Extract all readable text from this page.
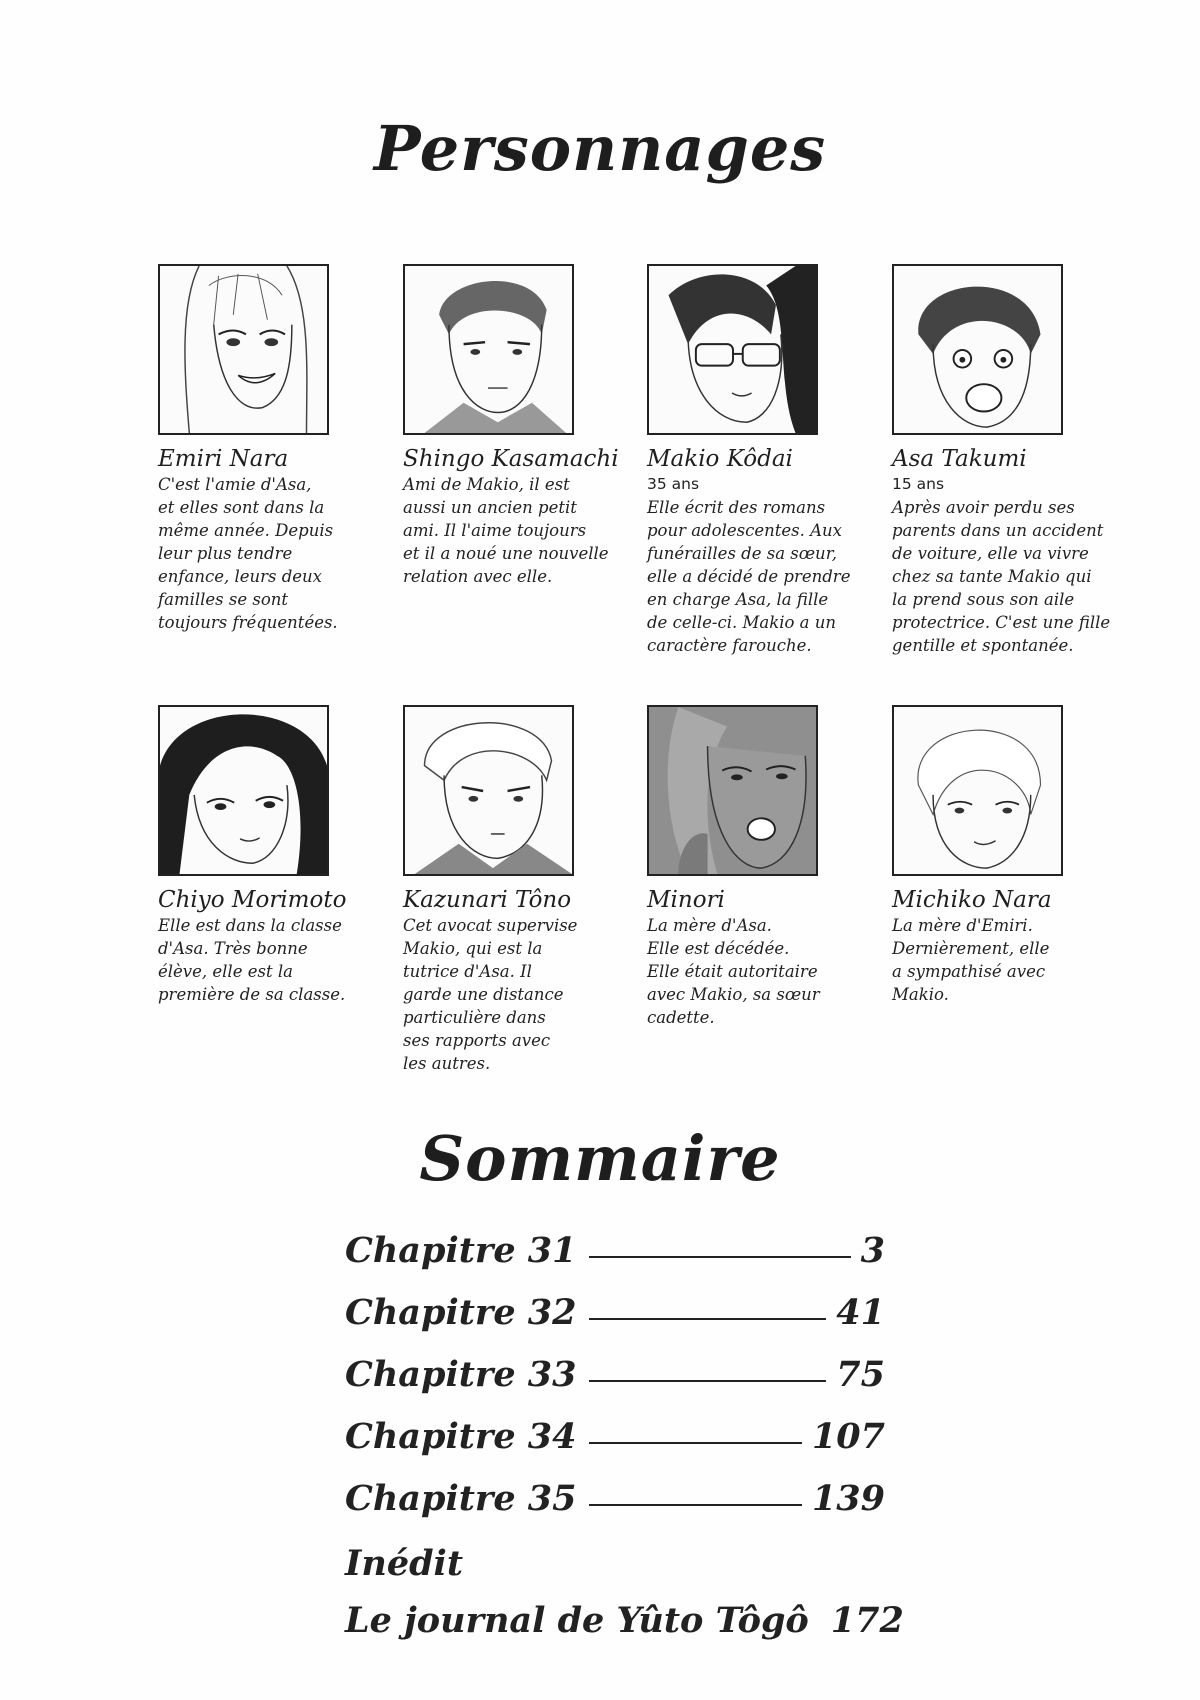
Personnages
Emiri Nara
C'est l'amie d'Asa,
et elles sont dans la
même année. Depuis
leur plus tendre
enfance, leurs deux
familles se sont
toujours fréquentées.
Shingo Kasamachi
Ami de Makio, il est
aussi un ancien petit
ami. Il l'aime toujours
et il a noué une nouvelle
relation avec elle.
Makio Kôdai
35 ans
Elle écrit des romans
pour adolescentes. Aux
funérailles de sa sœur,
elle a décidé de prendre
en charge Asa, la fille
de celle-ci. Makio a un
caractère farouche.
Asa Takumi
15 ans
Après avoir perdu ses
parents dans un accident
de voiture, elle va vivre
chez sa tante Makio qui
la prend sous son aile
protectrice. C'est une fille
gentille et spontanée.
Chiyo Morimoto
Elle est dans la classe
d'Asa. Très bonne
élève, elle est la
première de sa classe.
Kazunari Tôno
Cet avocat supervise
Makio, qui est la
tutrice d'Asa. Il
garde une distance
particulière dans
ses rapports avec
les autres.
Minori
La mère d'Asa.
Elle est décédée.
Elle était autoritaire
avec Makio, sa sœur
cadette.
Michiko Nara
La mère d'Emiri.
Dernièrement, elle
a sympathisé avec
Makio.
Sommaire
Chapitre 31	3
Chapitre 32	41
Chapitre 33	75
Chapitre 34	107
Chapitre 35	139
Inédit
Le journal de Yûto Tôgô 172
